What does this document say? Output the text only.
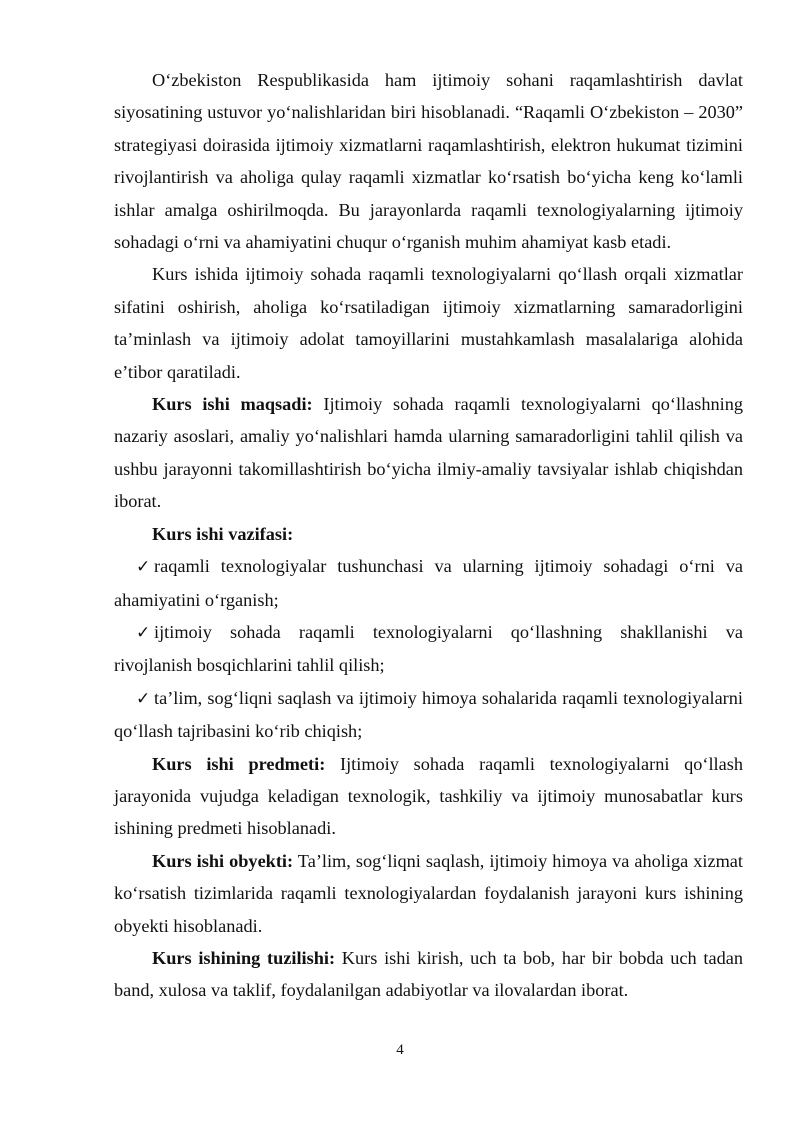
O‘zbekiston Respublikasida ham ijtimoiy sohani raqamlashtirish davlat siyosatining ustuvor yo‘nalishlaridan biri hisoblanadi. “Raqamli O‘zbekiston – 2030” strategiyasi doirasida ijtimoiy xizmatlarni raqamlashtirish, elektron hukumat tizimini rivojlantirish va aholiga qulay raqamli xizmatlar ko‘rsatish bo‘yicha keng ko‘lamli ishlar amalga oshirilmoqda. Bu jarayonlarda raqamli texnologiyalarning ijtimoiy sohadagi o‘rni va ahamiyatini chuqur o‘rganish muhim ahamiyat kasb etadi.

Kurs ishida ijtimoiy sohada raqamli texnologiyalarni qo‘llash orqali xizmatlar sifatini oshirish, aholiga ko‘rsatiladigan ijtimoiy xizmatlarning samaradorligini ta’minlash va ijtimoiy adolat tamoyillarini mustahkamlash masalalariga alohida e’tibor qaratiladi.

Kurs ishi maqsadi: Ijtimoiy sohada raqamli texnologiyalarni qo‘llashning nazariy asoslari, amaliy yo‘nalishlari hamda ularning samaradorligini tahlil qilish va ushbu jarayonni takomillashtirish bo‘yicha ilmiy-amaliy tavsiyalar ishlab chiqishdan iborat.

Kurs ishi vazifasi:

✓ raqamli texnologiyalar tushunchasi va ularning ijtimoiy sohadagi o‘rni va ahamiyatini o‘rganish;
✓ ijtimoiy sohada raqamli texnologiyalarni qo‘llashning shakllanishi va rivojlanish bosqichlarini tahlil qilish;
✓ ta’lim, sog‘liqni saqlash va ijtimoiy himoya sohalarida raqamli texnologiyalarni qo‘llash tajribasini ko‘rib chiqish;

Kurs ishi predmeti: Ijtimoiy sohada raqamli texnologiyalarni qo‘llash jarayonida vujudga keladigan texnologik, tashkiliy va ijtimoiy munosabatlar kurs ishining predmeti hisoblanadi.

Kurs ishi obyekti: Ta’lim, sog‘liqni saqlash, ijtimoiy himoya va aholiga xizmat ko‘rsatish tizimlarida raqamli texnologiyalardan foydalanish jarayoni kurs ishining obyekti hisoblanadi.

Kurs ishining tuzilishi: Kurs ishi kirish, uch ta bob, har bir bobda uch tadan band, xulosa va taklif, foydalanilgan adabiyotlar va ilovalardan iborat.

4
